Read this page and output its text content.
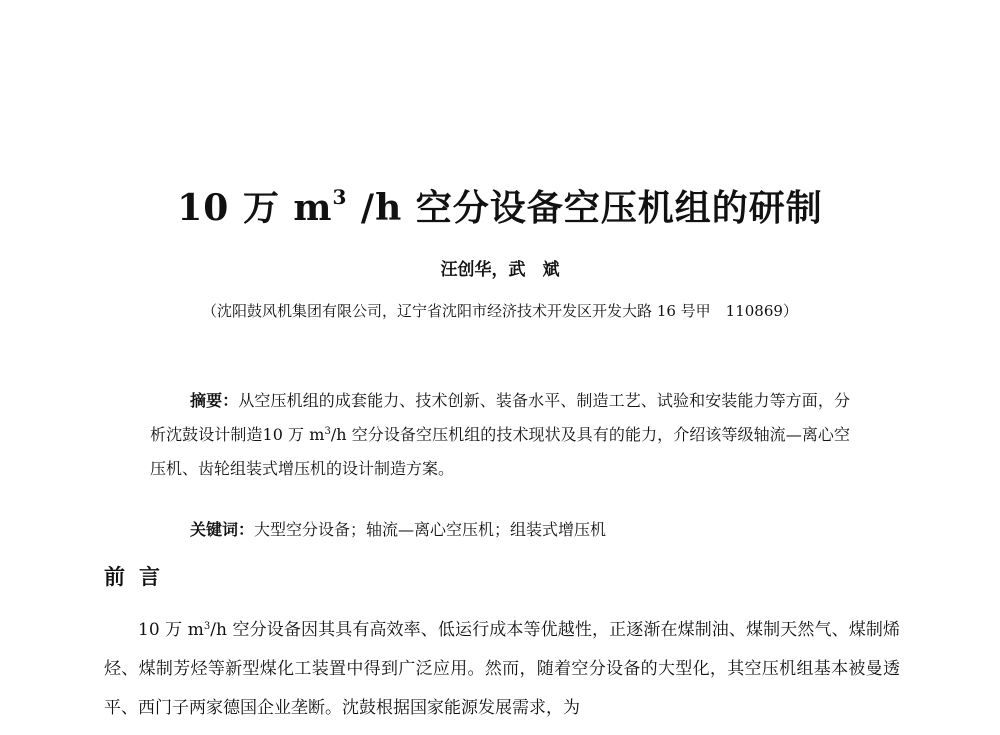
10 万 $m^3$ /h 空分设备空压机组的研制
汪创华，武　斌
（沈阳鼓风机集团有限公司，辽宁省沈阳市经济技术开发区开发大路 16 号甲　110869）

摘要：从空压机组的成套能力、技术创新、装备水平、制造工艺、试验和安装能力等方面，分析沈鼓设计制造10 万 $m^3/h$ 空分设备空压机组的技术现状及具有的能力，介绍该等级轴流—离心空压机、齿轮组装式增压机的设计制造方案。

关键词：大型空分设备；轴流—离心空压机；组装式增压机
前言

10 万 $m^3/h$ 空分设备因其具有高效率、低运行成本等优越性，正逐渐在煤制油、煤制天然气、煤制烯烃、煤制芳烃等新型煤化工装置中得到广泛应用。然而，随着空分设备的大型化，其空压机组基本被曼透平、西门子两家德国企业垄断。沈鼓根据国家能源发展需求，为
